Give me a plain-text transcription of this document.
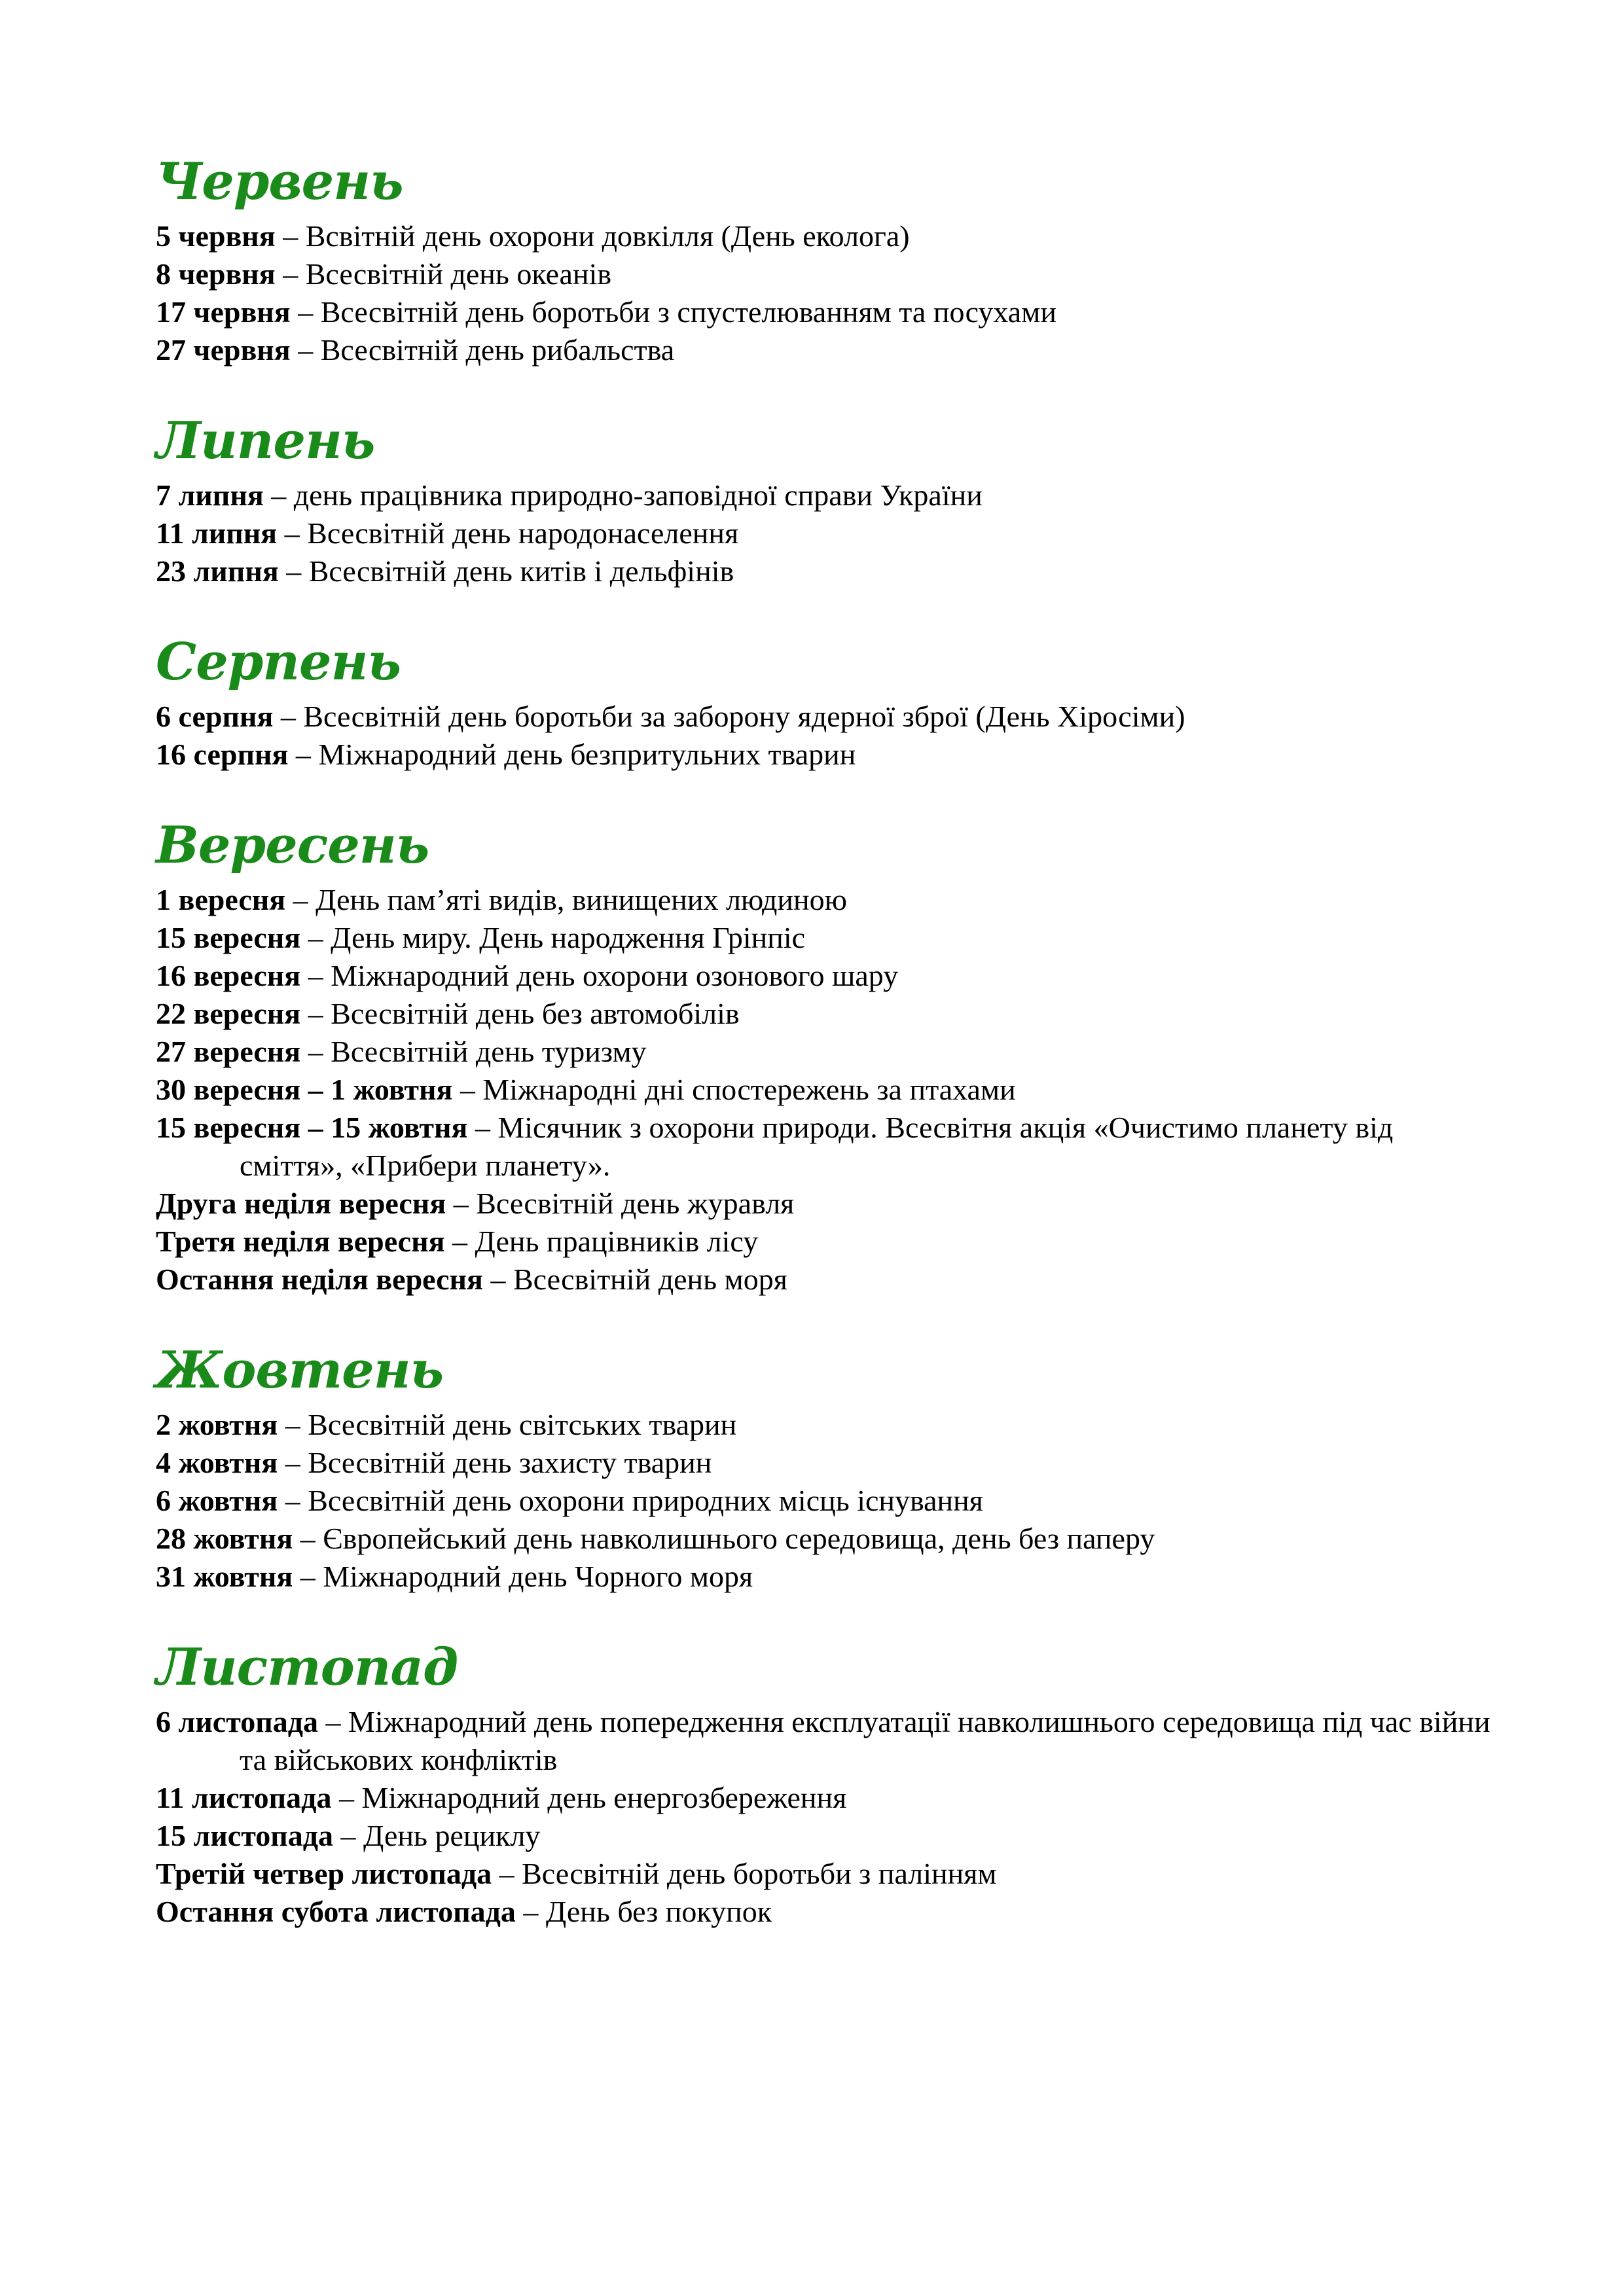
Червень
5 червня – Всвітній день охорони довкілля (День еколога)
8 червня – Всесвітній день океанів
17 червня – Всесвітній день боротьби з спустелюванням та посухами
27 червня – Всесвітній день рибальства
Липень
7 липня – день працівника природно-заповідної справи України
11 липня – Всесвітній день народонаселення
23 липня – Всесвітній день китів і дельфінів
Серпень
6 серпня – Всесвітній день боротьби за заборону ядерної зброї (День Хіросіми)
16 серпня – Міжнародний день безпритульних тварин
Вересень
1 вересня – День пам’яті видів, винищених людиною
15 вересня – День миру. День народження Грінпіс
16 вересня – Міжнародний день охорони озонового шару
22 вересня – Всесвітній день без автомобілів
27 вересня – Всесвітній день туризму
30 вересня – 1 жовтня – Міжнародні дні спостережень за птахами
15 вересня – 15 жовтня – Місячник з охорони природи. Всесвітня акція «Очистимо планету від сміття», «Прибери планету».
Друга неділя вересня – Всесвітній день журавля
Третя неділя вересня – День працівників лісу
Остання неділя вересня – Всесвітній день моря
Жовтень
2 жовтня – Всесвітній день світських тварин
4 жовтня – Всесвітній день захисту тварин
6 жовтня – Всесвітній день охорони природних місць існування
28 жовтня – Європейський день навколишнього середовища, день без паперу
31 жовтня – Міжнародний день Чорного моря
Листопад
6 листопада – Міжнародний день попередження експлуатації навколишнього середовища під час війни та військових конфліктів
11 листопада – Міжнародний день енергозбереження
15 листопада – День рециклу
Третій четвер листопада – Всесвітній день боротьби з палінням
Остання субота листопада – День без покупок
